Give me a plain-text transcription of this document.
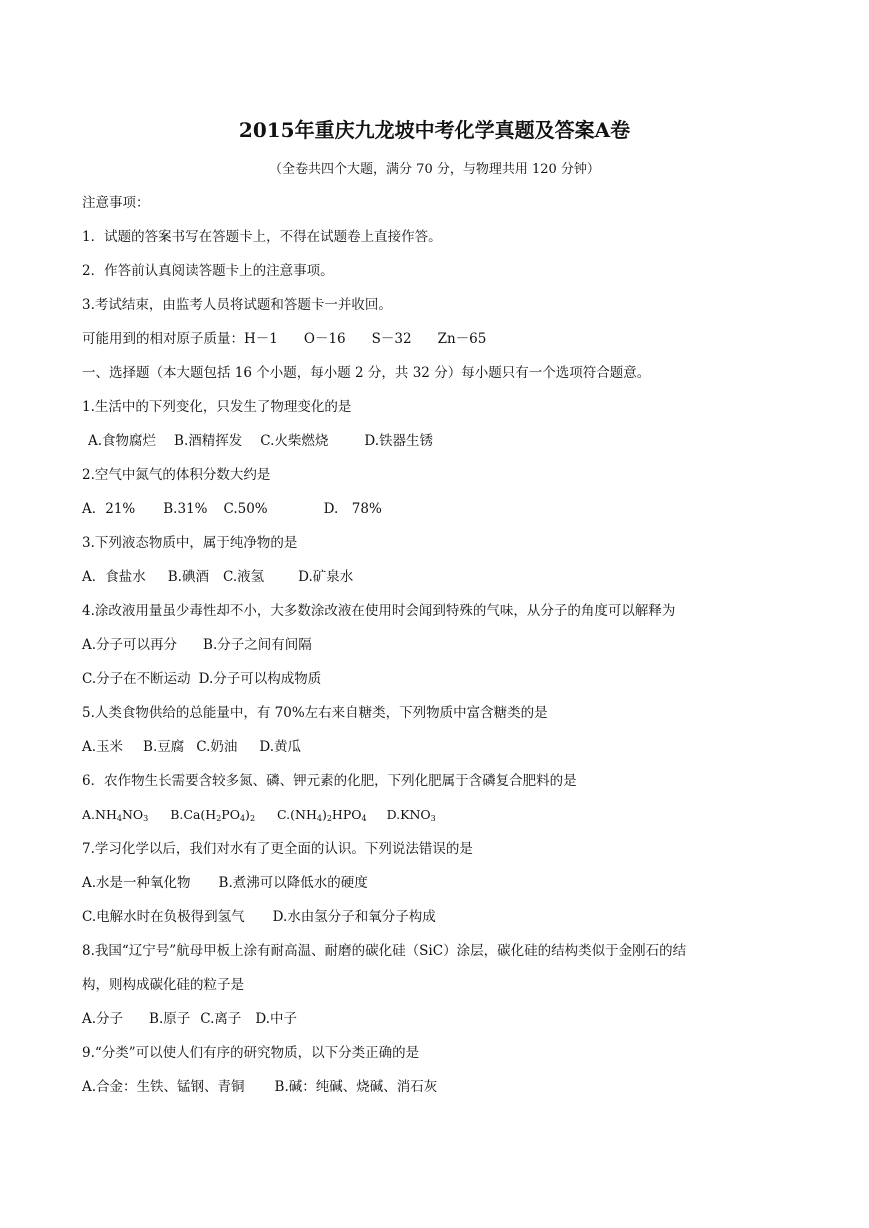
2015年重庆九龙坡中考化学真题及答案A卷
（全卷共四个大题，满分 70 分，与物理共用 120 分钟）
注意事项：
1．试题的答案书写在答题卡上，不得在试题卷上直接作答。
2．作答前认真阅读答题卡上的注意事项。
3.考试结束，由监考人员将试题和答题卡一并收回。
可能用到的相对原子质量：H－1 O－16 S－32 Zn－65
一、选择题（本大题包括 16 个小题，每小题 2 分，共 32 分）每小题只有一个选项符合题意。
1.生活中的下列变化，只发生了物理变化的是
A.食物腐烂 B.酒精挥发 C.火柴燃烧	D.铁器生锈
2.空气中氮气的体积分数大约是
A．21% B.31% C.50%	D.　78%
3.下列液态物质中，属于纯净物的是
A．食盐水 B.碘酒 C.液氢	D.矿泉水
4.涂改液用量虽少毒性却不小，大多数涂改液在使用时会闻到特殊的气味，从分子的角度可以解释为
A.分子可以再分 B.分子之间有间隔
C.分子在不断运动 D.分子可以构成物质
5.人类食物供给的总能量中，有 70%左右来自糖类，下列物质中富含糖类的是
A.玉米 B.豆腐 C.奶油 D.黄瓜
6．农作物生长需要含较多氮、磷、钾元素的化肥，下列化肥属于含磷复合肥料的是
$A.NH_4NO_3$ $B.Ca(H_2PO_4)_2$ $C.(NH_4)_2HPO_4$ $D.KNO_3$
7.学习化学以后，我们对水有了更全面的认识。下列说法错误的是
A.水是一种氧化物 B.煮沸可以降低水的硬度
C.电解水时在负极得到氢气 D.水由氢分子和氧分子构成
8.我国“辽宁号”航母甲板上涂有耐高温、耐磨的碳化硅（SiC）涂层，碳化硅的结构类似于金刚石的结
构，则构成碳化硅的粒子是
A.分子 B.原子 C.离子 D.中子
9.“分类”可以使人们有序的研究物质，以下分类正确的是
A.合金：生铁、锰钢、青铜 B.碱：纯碱、烧碱、消石灰
